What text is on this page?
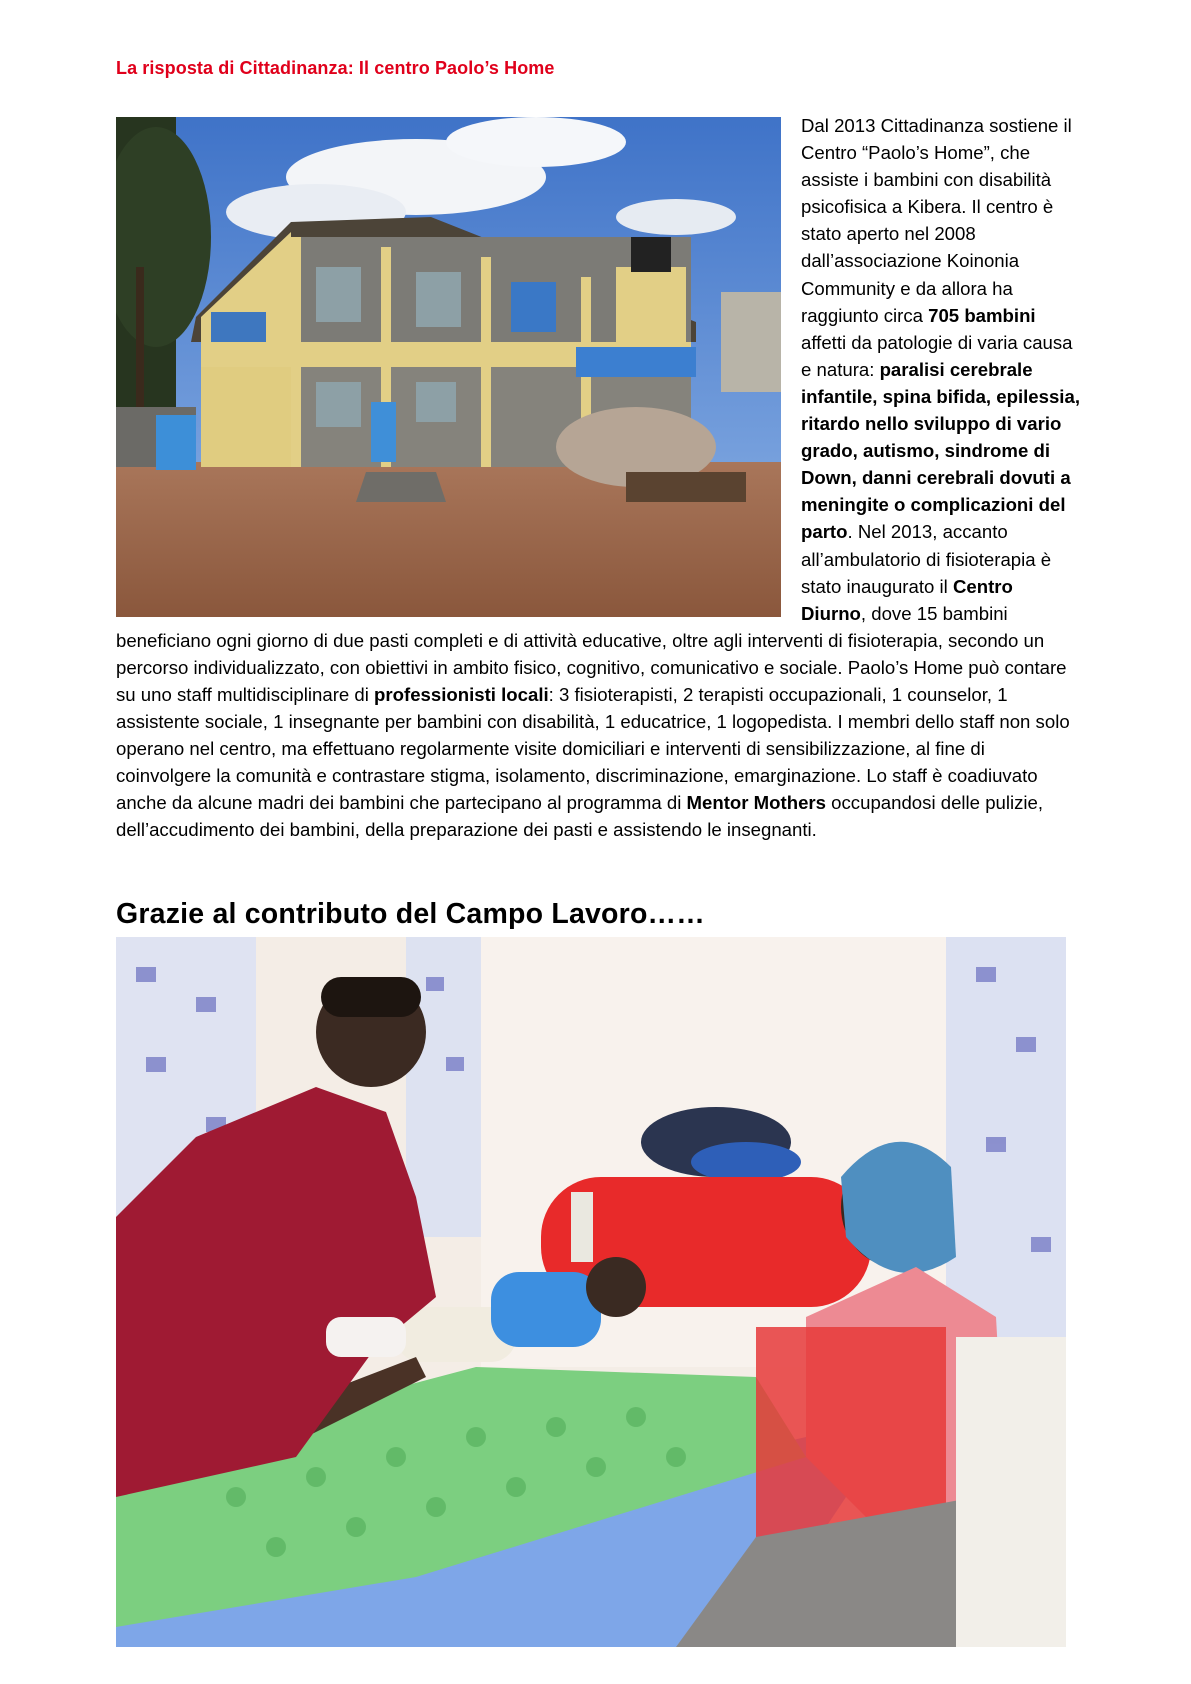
La risposta di Cittadinanza: Il centro Paolo’s Home
Dal 2013 Cittadinanza sostiene il Centro “Paolo’s Home”, che assiste i bambini con disabilità psicofisica a Kibera. Il centro è stato aperto nel 2008 dall’associazione Koinonia Community e da allora ha raggiunto circa 705 bambini affetti da patologie di varia causa e natura: paralisi cerebrale infantile, spina bifida, epilessia, ritardo nello sviluppo di vario grado, autismo, sindrome di Down, danni cerebrali dovuti a meningite o complicazioni del parto. Nel 2013, accanto all’ambulatorio di fisioterapia è stato inaugurato il Centro Diurno, dove 15 bambini beneficiano ogni giorno di due pasti completi e di attività educative, oltre agli interventi di fisioterapia, secondo un percorso individualizzato, con obiettivi in ambito fisico, cognitivo, comunicativo e sociale. Paolo’s Home può contare su uno staff multidisciplinare di professionisti locali: 3 fisioterapisti, 2 terapisti occupazionali, 1 counselor, 1 assistente sociale, 1 insegnante per bambini con disabilità, 1 educatrice, 1 logopedista. I membri dello staff non solo operano nel centro, ma effettuano regolarmente visite domiciliari e interventi di sensibilizzazione, al fine di coinvolgere la comunità e contrastare stigma, isolamento, discriminazione, emarginazione. Lo staff è coadiuvato anche da alcune madri dei bambini che partecipano al programma di Mentor Mothers occupandosi delle pulizie, dell’accudimento dei bambini, della preparazione dei pasti e assistendo le insegnanti.
Grazie al contributo del Campo Lavoro……
